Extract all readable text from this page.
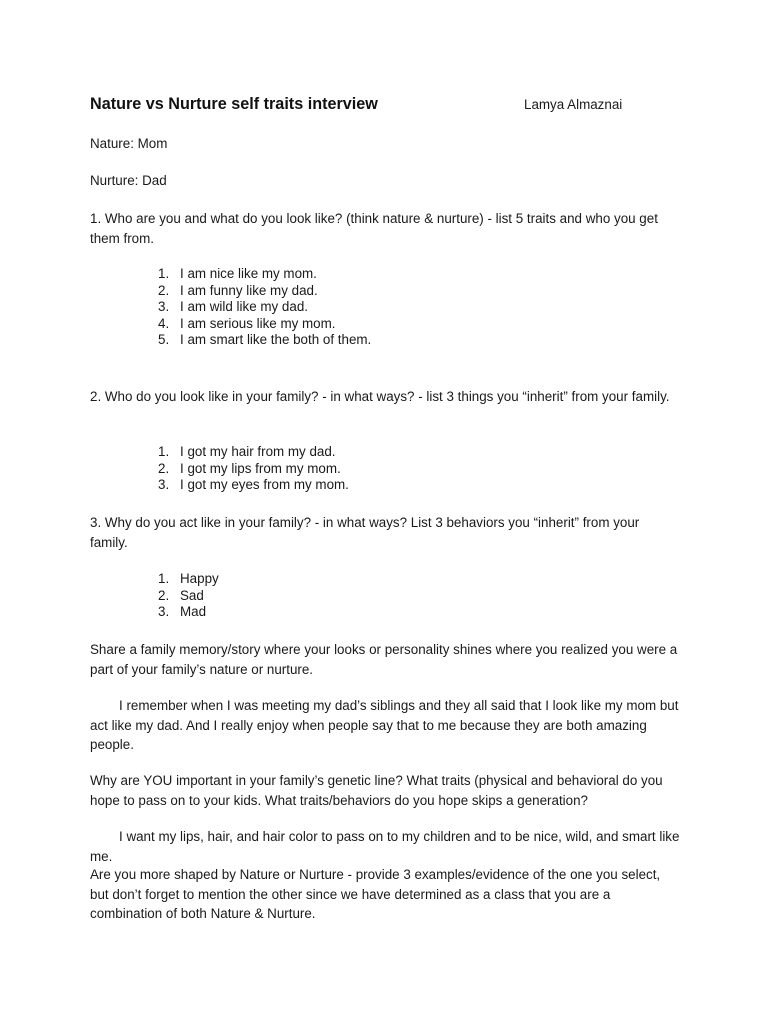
Nature vs Nurture self traits interview	Lamya Almaznai

Nature: Mom

Nurture: Dad

1. Who are you and what do you look like? (think nature & nurture) - list 5 traits and who you get them from.

1. I am nice like my mom.
2. I am funny like my dad.
3. I am wild like my dad.
4. I am serious like my mom.
5. I am smart like the both of them.

2. Who do you look like in your family? - in what ways? - list 3 things you “inherit” from your family.

1. I got my hair from my dad.
2. I got my lips from my mom.
3. I got my eyes from my mom.

3. Why do you act like in your family? - in what ways? List 3 behaviors you “inherit” from your family.

1. Happy
2. Sad
3. Mad

Share a family memory/story where your looks or personality shines where you realized you were a part of your family’s nature or nurture.

I remember when I was meeting my dad’s siblings and they all said that I look like my mom but act like my dad. And I really enjoy when people say that to me because they are both amazing people.

Why are YOU important in your family’s genetic line? What traits (physical and behavioral do you hope to pass on to your kids. What traits/behaviors do you hope skips a generation?

I want my lips, hair, and hair color to pass on to my children and to be nice, wild, and smart like me.

Are you more shaped by Nature or Nurture - provide 3 examples/evidence of the one you select, but don’t forget to mention the other since we have determined as a class that you are a combination of both Nature & Nurture.
